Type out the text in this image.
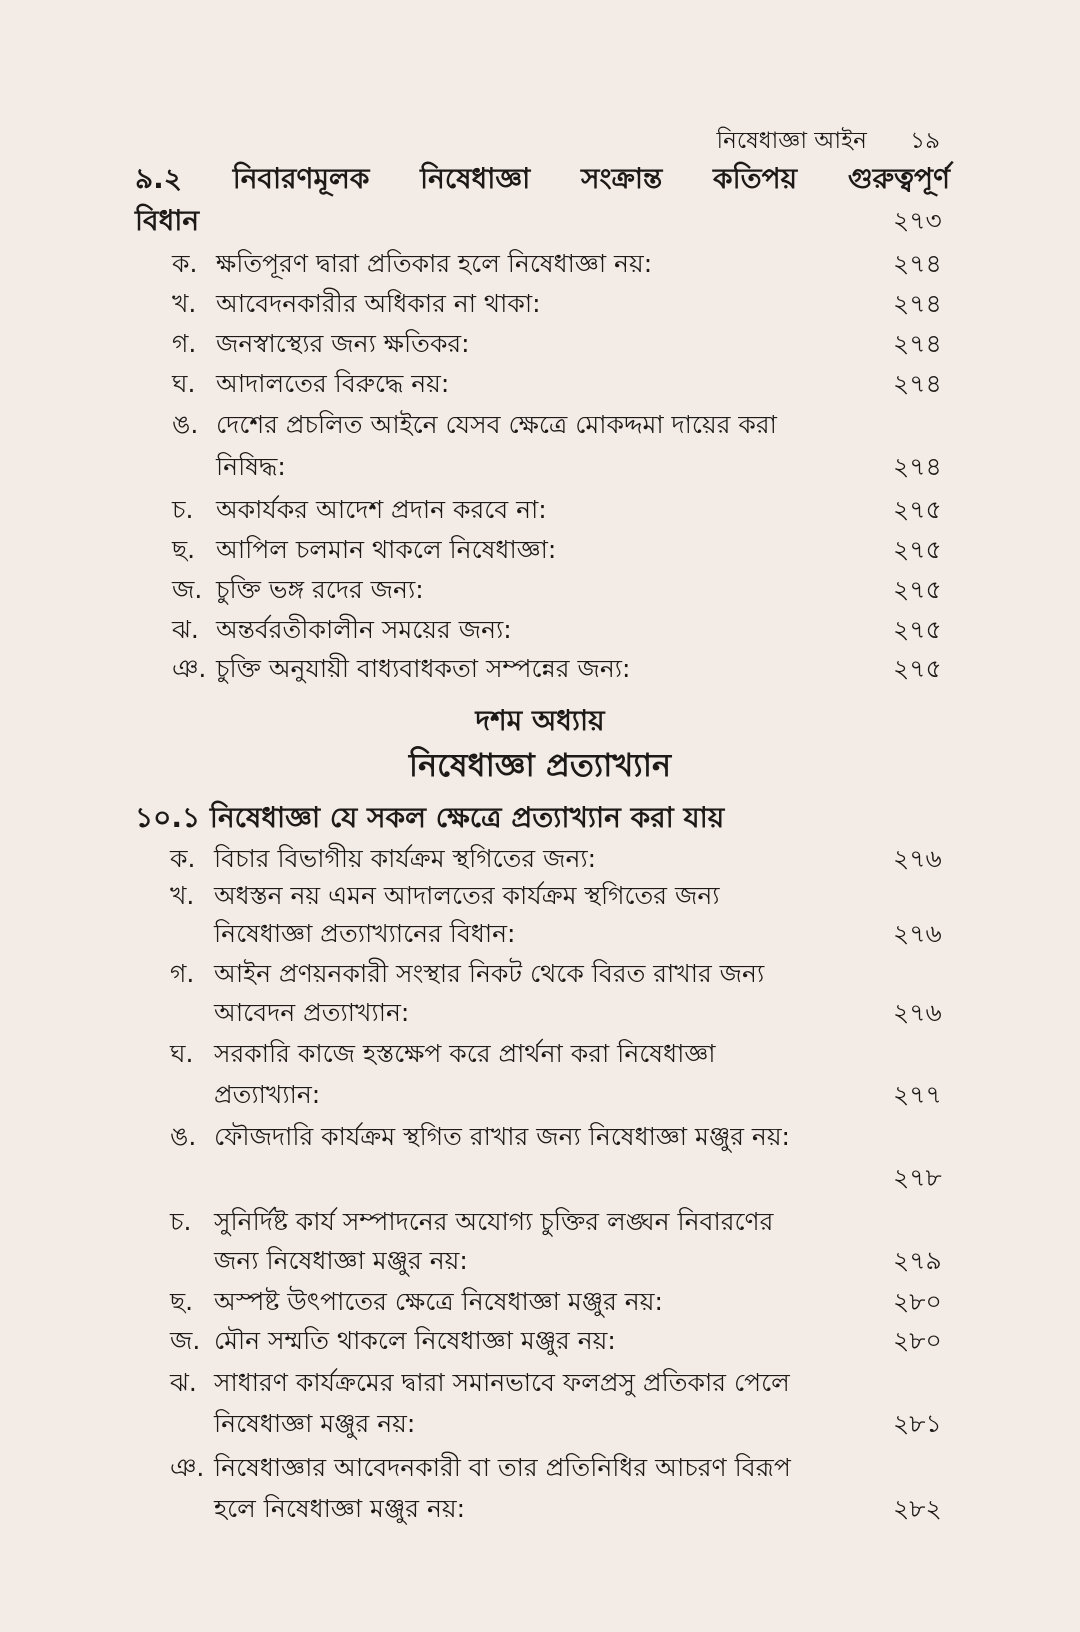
নিষেধাজ্ঞা আইন ১৯
৯.২ নিবারণমূলক নিষেধাজ্ঞা সংক্রান্ত কতিপয় গুরুত্বপূর্ণ
বিধান	২৭৩
ক. ক্ষতিপূরণ দ্বারা প্রতিকার হলে নিষেধাজ্ঞা নয়:	২৭৪
খ. আবেদনকারীর অধিকার না থাকা:	২৭৪
গ. জনস্বাস্থ্যের জন্য ক্ষতিকর:	২৭৪
ঘ. আদালতের বিরুদ্ধে নয়:	২৭৪
ঙ. দেশের প্রচলিত আইনে যেসব ক্ষেত্রে মোকদ্দমা দায়ের করা
নিষিদ্ধ:	২৭৪
চ. অকার্যকর আদেশ প্রদান করবে না:	২৭৫
ছ. আপিল চলমান থাকলে নিষেধাজ্ঞা:	২৭৫
জ. চুক্তি ভঙ্গ রদের জন্য:	২৭৫
ঝ. অন্তর্বরতীকালীন সময়ের জন্য:	২৭৫
ঞ. চুক্তি অনুযায়ী বাধ্যবাধকতা সম্পন্নের জন্য:	২৭৫
দশম অধ্যায়
নিষেধাজ্ঞা প্রত্যাখ্যান
১০.১ নিষেধাজ্ঞা যে সকল ক্ষেত্রে প্রত্যাখ্যান করা যায়
ক. বিচার বিভাগীয় কার্যক্রম স্থগিতের জন্য:	২৭৬
খ. অধস্তন নয় এমন আদালতের কার্যক্রম স্থগিতের জন্য
নিষেধাজ্ঞা প্রত্যাখ্যানের বিধান:	২৭৬
গ. আইন প্রণয়নকারী সংস্থার নিকট থেকে বিরত রাখার জন্য
আবেদন প্রত্যাখ্যান:	২৭৬
ঘ. সরকারি কাজে হস্তক্ষেপ করে প্রার্থনা করা নিষেধাজ্ঞা
প্রত্যাখ্যান:	২৭৭
ঙ. ফৌজদারি কার্যক্রম স্থগিত রাখার জন্য নিষেধাজ্ঞা মঞ্জুর নয়:
২৭৮
চ. সুনির্দিষ্ট কার্য সম্পাদনের অযোগ্য চুক্তির লঙ্ঘন নিবারণের
জন্য নিষেধাজ্ঞা মঞ্জুর নয়:	২৭৯
ছ. অস্পষ্ট উৎপাতের ক্ষেত্রে নিষেধাজ্ঞা মঞ্জুর নয়:	২৮০
জ. মৌন সম্মতি থাকলে নিষেধাজ্ঞা মঞ্জুর নয়:	২৮০
ঝ. সাধারণ কার্যক্রমের দ্বারা সমানভাবে ফলপ্রসু প্রতিকার পেলে
নিষেধাজ্ঞা মঞ্জুর নয়:	২৮১
ঞ. নিষেধাজ্ঞার আবেদনকারী বা তার প্রতিনিধির আচরণ বিরূপ
হলে নিষেধাজ্ঞা মঞ্জুর নয়:	২৮২
